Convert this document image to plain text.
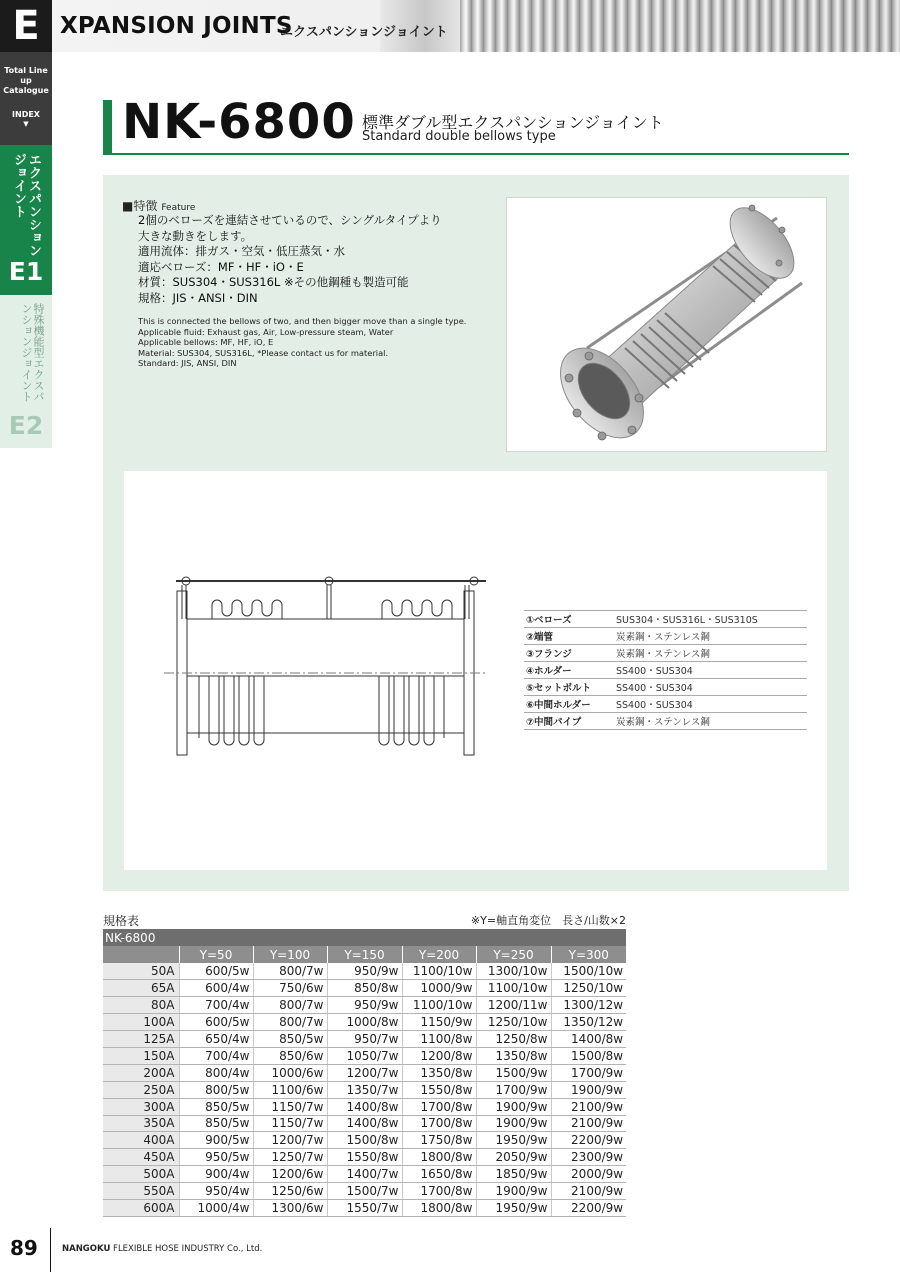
E XPANSION JOINTS
エクスパンションジョイント
Total Line up Catalogue
INDEX
▼
エクスパンションジョイント
E1
特殊機能型エクスパンションジョイント
E2
NK-6800 標準ダブル型エクスパンションジョイント
Standard double bellows type
■特徴 Feature
2個のベローズを連結させているので、シングルタイプより
大きな動きをします。
適用流体：排ガス・空気・低圧蒸気・水
適応ベローズ：MF・HF・iO・E
材質：SUS304・SUS316L ※その他鋼種も製造可能
規格：JIS・ANSI・DIN
This is connected the bellows of two, and then bigger move than a single type.
Applicable fluid: Exhaust gas, Air, Low-pressure steam, Water
Applicable bellows: MF, HF, iO, E
Material: SUS304, SUS316L, *Please contact us for material.
Standard: JIS, ANSI, DIN
①ベローズ	SUS304・SUS316L・SUS310S
②端管	炭素鋼・ステンレス鋼
③フランジ	炭素鋼・ステンレス鋼
④ホルダー	SS400・SUS304
⑤セットボルト	SS400・SUS304
⑥中間ホルダー	SS400・SUS304
⑦中間パイプ	炭素鋼・ステンレス鋼
規格表	※Y=軸直角変位　長さ/山数×2
NK-6800						
	Y=50	Y=100	Y=150	Y=200	Y=250	Y=300
50A	600/5w	800/7w	950/9w	1100/10w	1300/10w	1500/10w
65A	600/4w	750/6w	850/8w	1000/9w	1100/10w	1250/10w
80A	700/4w	800/7w	950/9w	1100/10w	1200/11w	1300/12w
100A	600/5w	800/7w	1000/8w	1150/9w	1250/10w	1350/12w
125A	650/4w	850/5w	950/7w	1100/8w	1250/8w	1400/8w
150A	700/4w	850/6w	1050/7w	1200/8w	1350/8w	1500/8w
200A	800/4w	1000/6w	1200/7w	1350/8w	1500/9w	1700/9w
250A	800/5w	1100/6w	1350/7w	1550/8w	1700/9w	1900/9w
300A	850/5w	1150/7w	1400/8w	1700/8w	1900/9w	2100/9w
350A	850/5w	1150/7w	1400/8w	1700/8w	1900/9w	2100/9w
400A	900/5w	1200/7w	1500/8w	1750/8w	1950/9w	2200/9w
450A	950/5w	1250/7w	1550/8w	1800/8w	2050/9w	2300/9w
500A	900/4w	1200/6w	1400/7w	1650/8w	1850/9w	2000/9w
550A	950/4w	1250/6w	1500/7w	1700/8w	1900/9w	2100/9w
600A	1000/4w	1300/6w	1550/7w	1800/8w	1950/9w	2200/9w
89	NANGOKU FLEXIBLE HOSE INDUSTRY Co., Ltd.
